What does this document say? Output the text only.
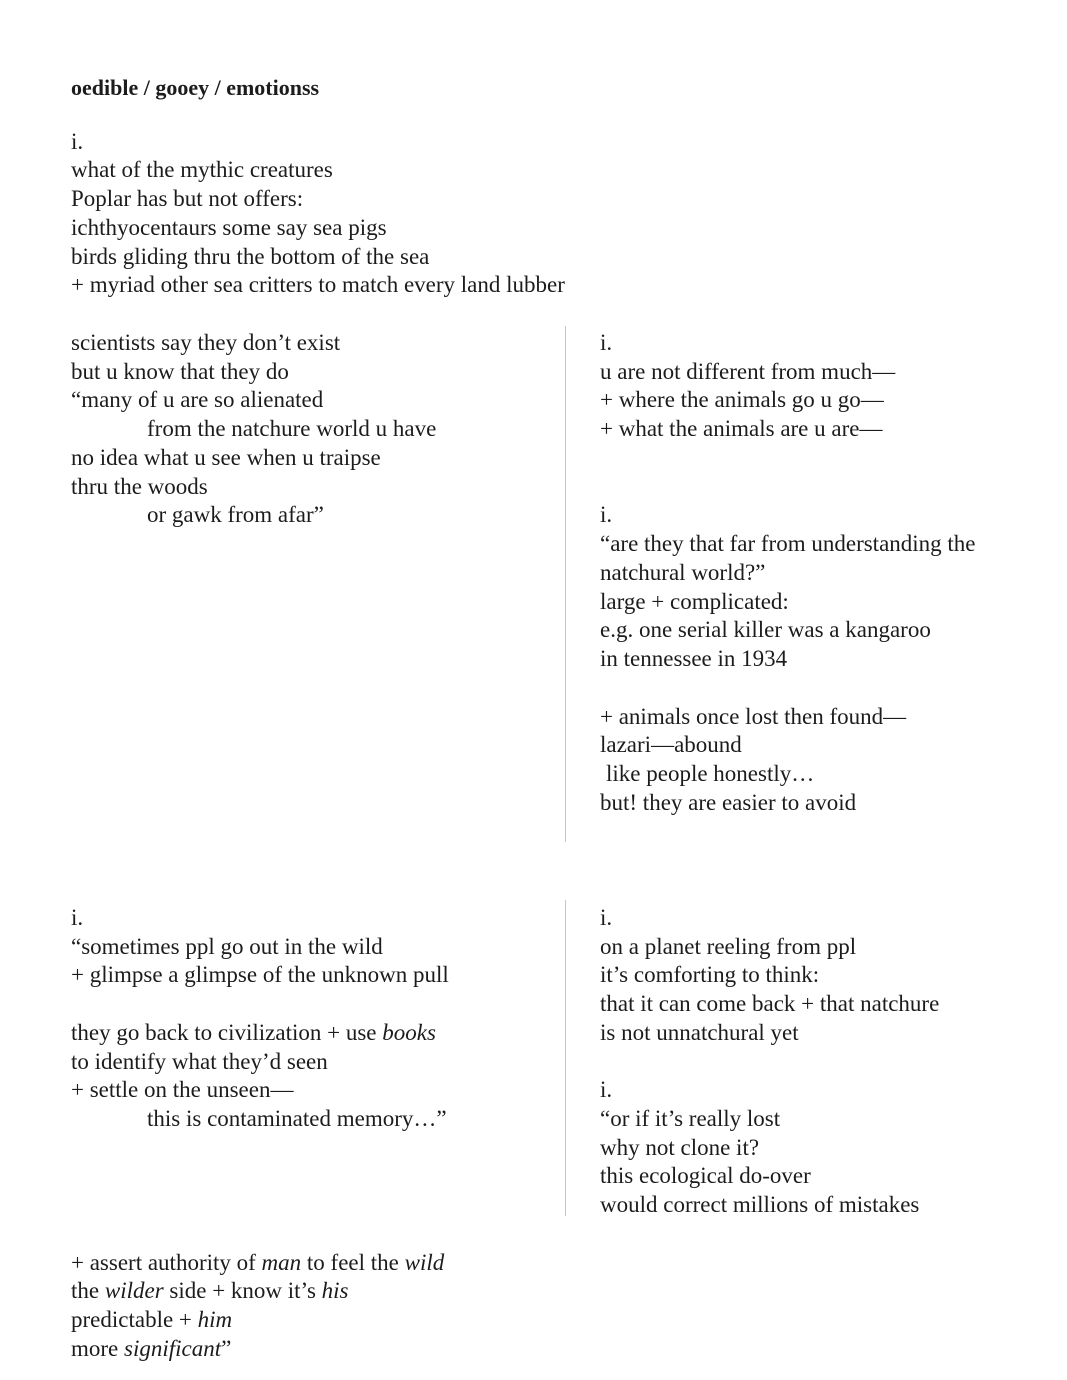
oedible / gooey / emotionss
i.
what of the mythic creatures
Poplar has but not offers:
ichthyocentaurs some say sea pigs
birds gliding thru the bottom of the sea
+ myriad other sea critters to match every land lubber
scientists say they don’t exist
but u know that they do
“many of u are so alienated
from the natchure world u have
no idea what u see when u traipse
thru the woods
or gawk from afar”
i.
u are not different from much—
+ where the animals go u go—
+ what the animals are u are—
i.
“are they that far from understanding the
natchural world?”
large + complicated:
e.g. one serial killer was a kangaroo
in tennessee in 1934
+ animals once lost then found—
lazari—abound
like people honestly…
but! they are easier to avoid
i.
“sometimes ppl go out in the wild
+ glimpse a glimpse of the unknown pull
they go back to civilization + use books
to identify what they’d seen
+ settle on the unseen—
this is contaminated memory…”
i.
on a planet reeling from ppl
it’s comforting to think:
that it can come back + that natchure
is not unnatchural yet
i.
“or if it’s really lost
why not clone it?
this ecological do-over
would correct millions of mistakes
+ assert authority of man to feel the wild
the wilder side + know it’s his
predictable + him
more significant”
